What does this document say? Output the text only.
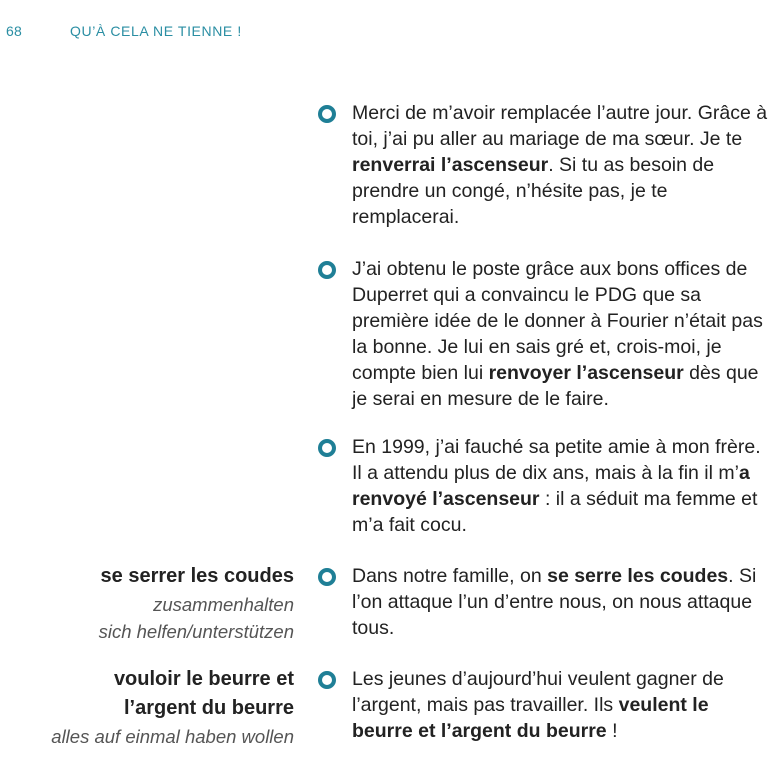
68	QU’À CELA NE TIENNE !
Merci de m’avoir remplacée l’autre jour. Grâce à toi, j’ai pu aller au mariage de ma sœur. Je te renverrai l’ascenseur. Si tu as besoin de prendre un congé, n’hésite pas, je te remplacerai.
J’ai obtenu le poste grâce aux bons offices de Duperret qui a convaincu le PDG que sa première idée de le donner à Fourier n’était pas la bonne. Je lui en sais gré et, crois-moi, je compte bien lui renvoyer l’ascenseur dès que je serai en mesure de le faire.
En 1999, j’ai fauché sa petite amie à mon frère. Il a attendu plus de dix ans, mais à la fin il m’a renvoyé l’ascenseur : il a séduit ma femme et m’a fait cocu.
Dans notre famille, on se serre les coudes. Si l’on attaque l’un d’entre nous, on nous attaque tous.
Les jeunes d’aujourd’hui veulent gagner de l’argent, mais pas travailler. Ils veulent le beurre et l’argent du beurre !
se serrer les coudes
zusammenhalten
sich helfen/unterstützen
vouloir le beurre et
l’argent du beurre
alles auf einmal haben wollen
